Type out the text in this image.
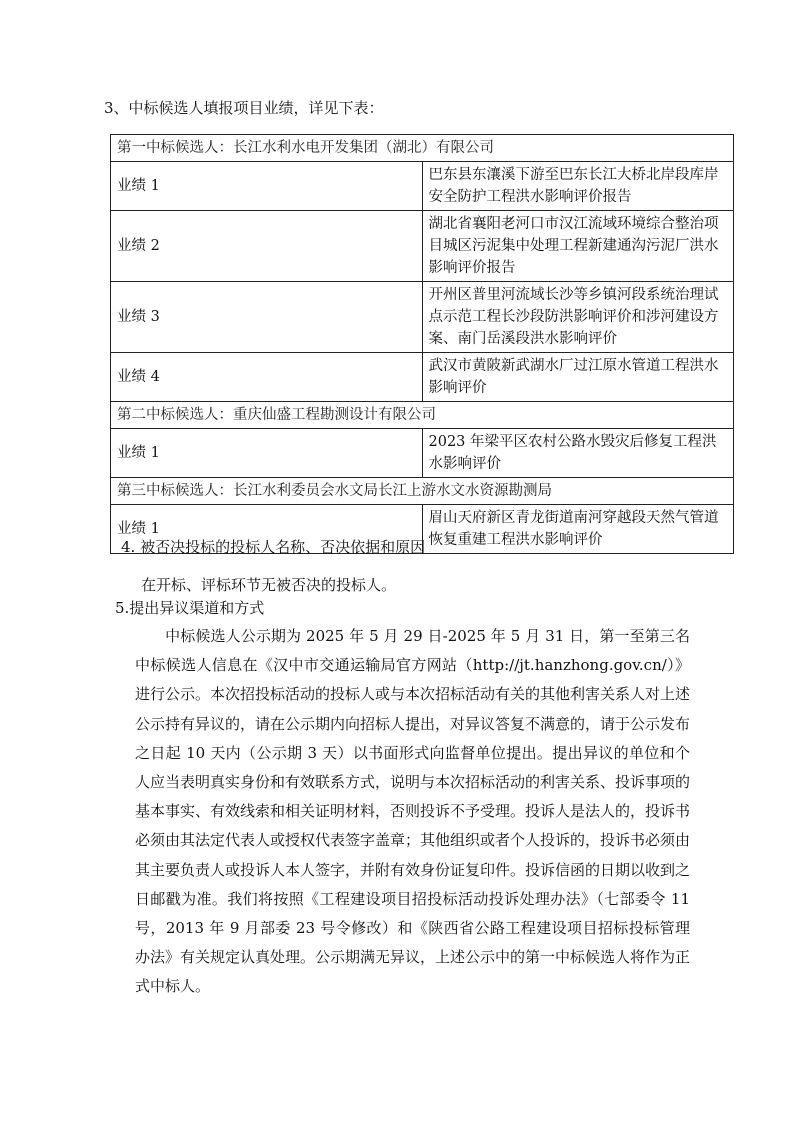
3、中标候选人填报项目业绩，详见下表：
第一中标候选人：长江水利水电开发集团（湖北）有限公司	
业绩 1	巴东县东瀼溪下游至巴东长江大桥北岸段库岸安全防护工程洪水影响评价报告
业绩 2	湖北省襄阳老河口市汉江流域环境综合整治项目城区污泥集中处理工程新建通沟污泥厂洪水影响评价报告
业绩 3	开州区普里河流域长沙等乡镇河段系统治理试点示范工程长沙段防洪影响评价和涉河建设方案、南门岳溪段洪水影响评价
业绩 4	武汉市黄陂新武湖水厂过江原水管道工程洪水影响评价
第二中标候选人：重庆仙盛工程勘测设计有限公司	
业绩 1	2023 年梁平区农村公路水毁灾后修复工程洪水影响评价
第三中标候选人：长江水利委员会水文局长江上游水文水资源勘测局	
业绩 1	眉山天府新区青龙街道南河穿越段天然气管道恢复重建工程洪水影响评价
4. 被否决投标的投标人名称、否决依据和原因
在开标、评标环节无被否决的投标人。
5.提出异议渠道和方式
中标候选人公示期为 2025 年 5 月 29 日-2025 年 5 月 31 日，第一至第三名中标候选人信息在《汉中市交通运输局官方网站（http://jt.hanzhong.gov.cn/）》进行公示。本次招投标活动的投标人或与本次招标活动有关的其他利害关系人对上述公示持有异议的，请在公示期内向招标人提出，对异议答复不满意的，请于公示发布之日起 10 天内（公示期 3 天）以书面形式向监督单位提出。提出异议的单位和个人应当表明真实身份和有效联系方式，说明与本次招标活动的利害关系、投诉事项的基本事实、有效线索和相关证明材料，否则投诉不予受理。投诉人是法人的，投诉书必须由其法定代表人或授权代表签字盖章；其他组织或者个人投诉的，投诉书必须由其主要负责人或投诉人本人签字，并附有效身份证复印件。投诉信函的日期以收到之日邮戳为准。我们将按照《工程建设项目招投标活动投诉处理办法》（七部委令 11 号，2013 年 9 月部委 23 号令修改）和《陕西省公路工程建设项目招标投标管理办法》有关规定认真处理。公示期满无异议，上述公示中的第一中标候选人将作为正式中标人。
